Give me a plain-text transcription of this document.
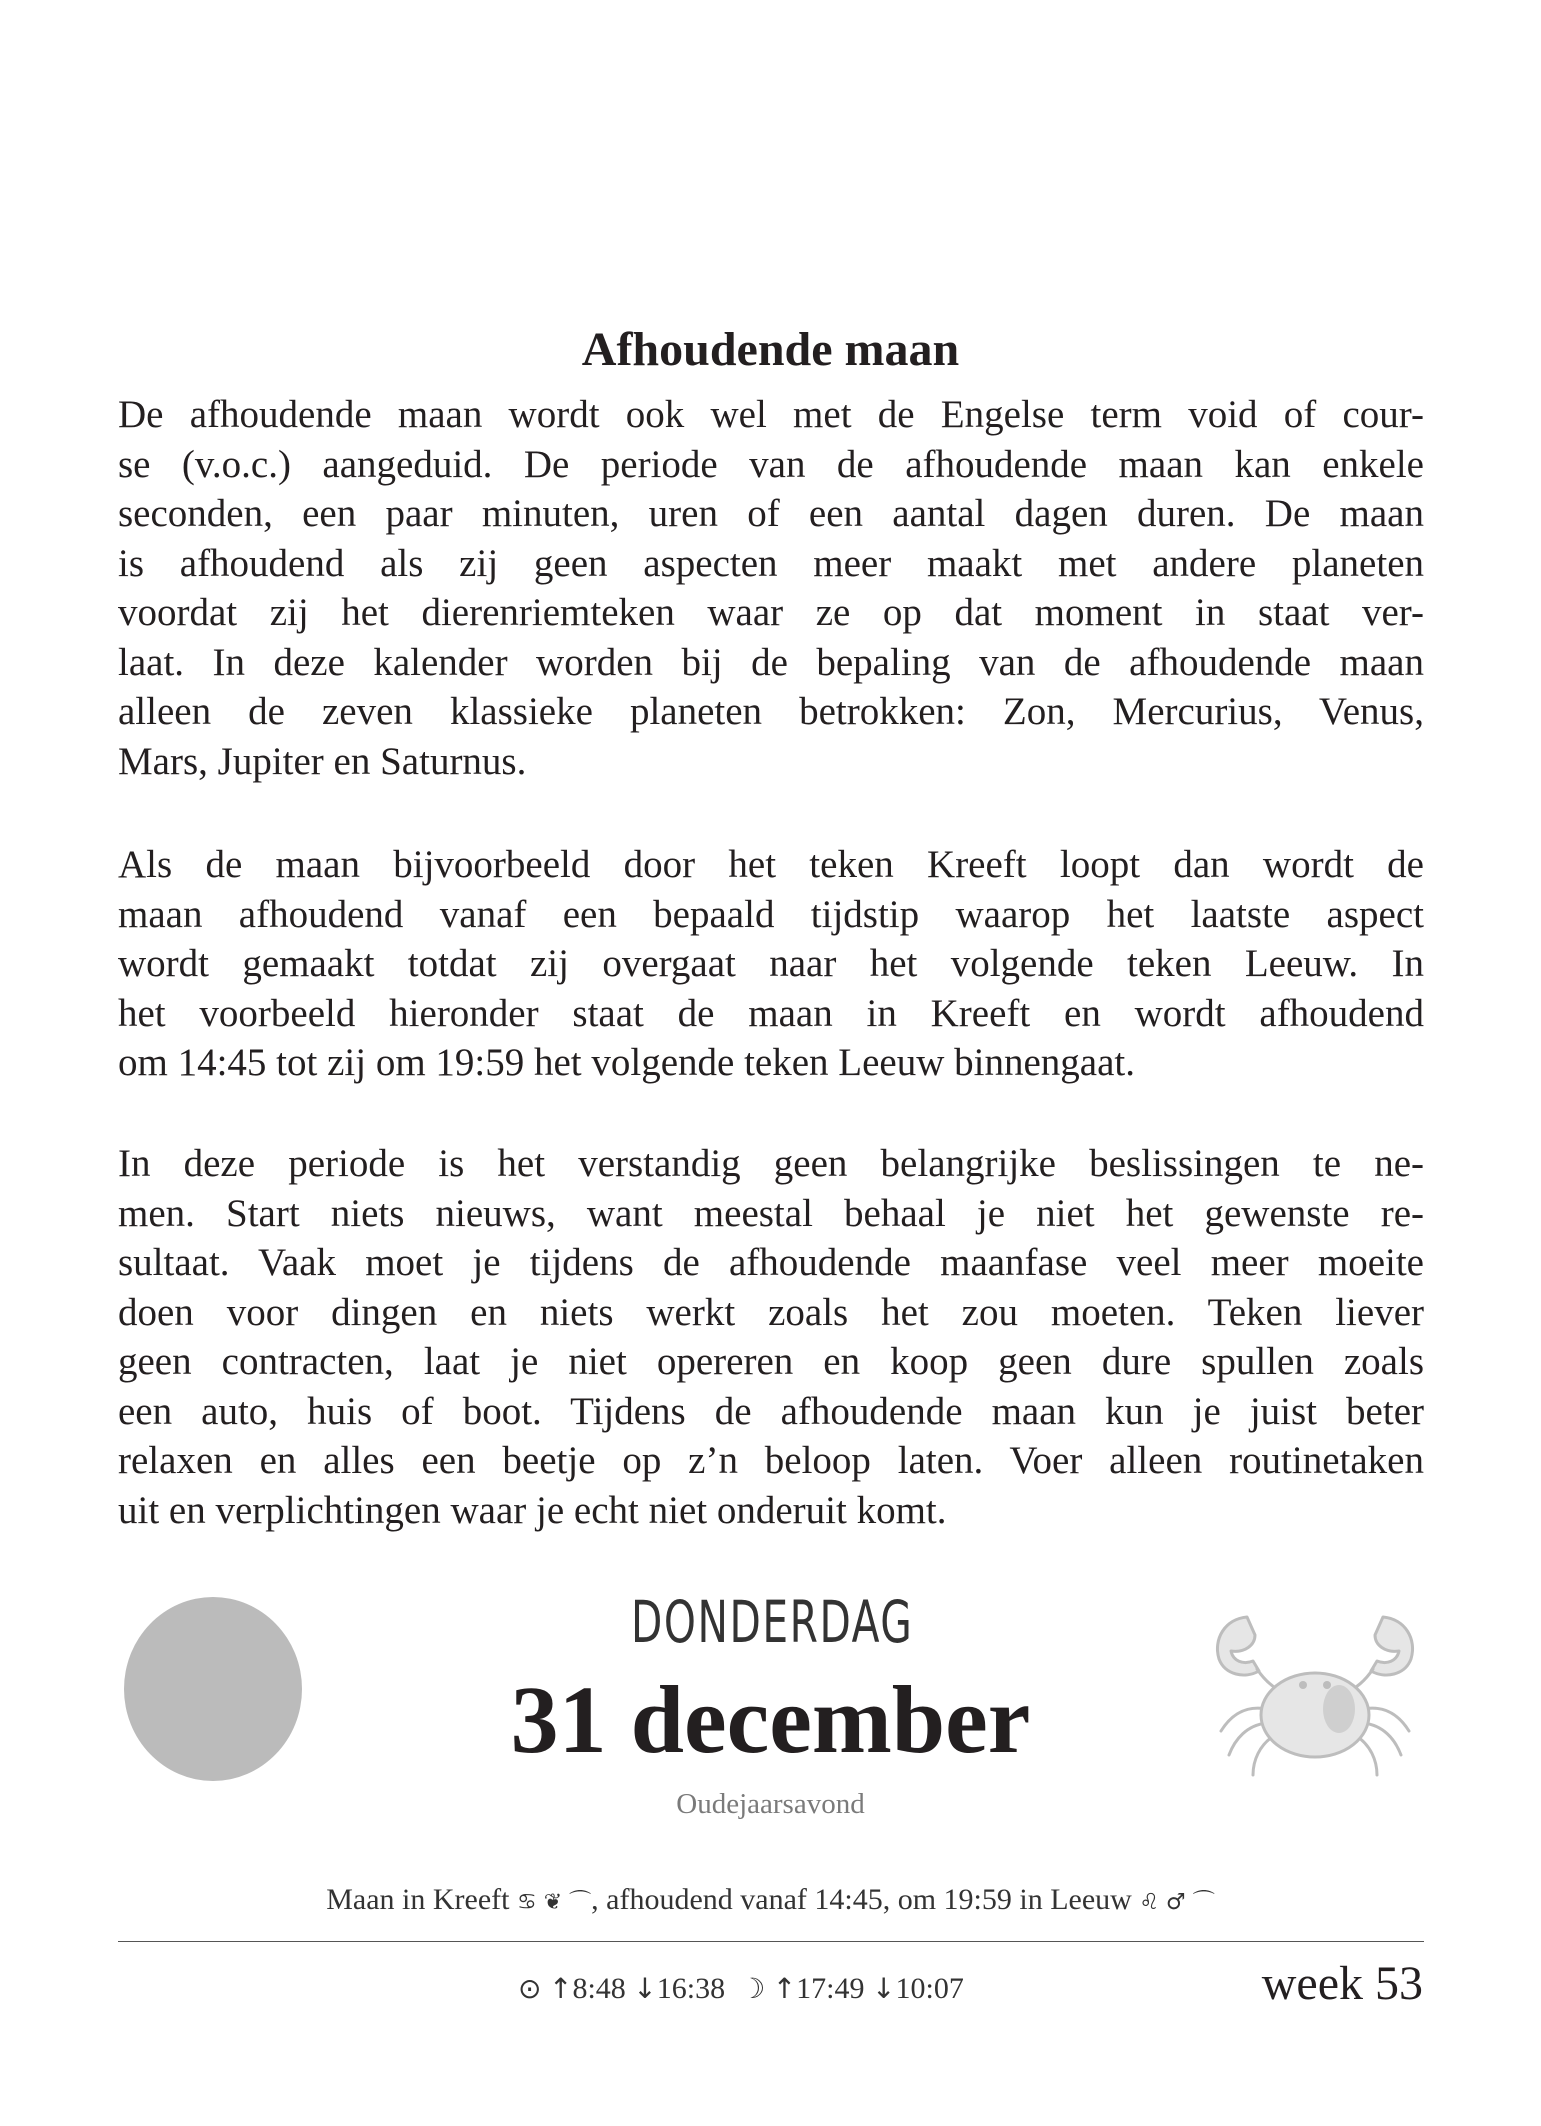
Afhoudende maan

De afhoudende maan wordt ook wel met de Engelse term void of cour-
se (v.o.c.) aangeduid. De periode van de afhoudende maan kan enkele
seconden, een paar minuten, uren of een aantal dagen duren. De maan
is afhoudend als zij geen aspecten meer maakt met andere planeten
voordat zij het dierenriemteken waar ze op dat moment in staat ver-
laat. In deze kalender worden bij de bepaling van de afhoudende maan
alleen de zeven klassieke planeten betrokken: Zon, Mercurius, Venus,
Mars, Jupiter en Saturnus.

Als de maan bijvoorbeeld door het teken Kreeft loopt dan wordt de
maan afhoudend vanaf een bepaald tijdstip waarop het laatste aspect
wordt gemaakt totdat zij overgaat naar het volgende teken Leeuw. In
het voorbeeld hieronder staat de maan in Kreeft en wordt afhoudend
om 14:45 tot zij om 19:59 het volgende teken Leeuw binnengaat.

In deze periode is het verstandig geen belangrijke beslissingen te ne-
men. Start niets nieuws, want meestal behaal je niet het gewenste re-
sultaat. Vaak moet je tijdens de afhoudende maanfase veel meer moeite
doen voor dingen en niets werkt zoals het zou moeten. Teken liever
geen contracten, laat je niet opereren en koop geen dure spullen zoals
een auto, huis of boot. Tijdens de afhoudende maan kun je juist beter
relaxen en alles een beetje op z’n beloop laten. Voer alleen routinetaken
uit en verplichtingen waar je echt niet onderuit komt.

DONDERDAG
31 december
Oudejaarsavond
Maan in Kreeft ♋ ❦ ⌒, afhoudend vanaf 14:45, om 19:59 in Leeuw ♌ ♂ ⌒
⊙ ↑8:48 ↓16:38 ☽ ↑17:49 ↓10:07	week 53
